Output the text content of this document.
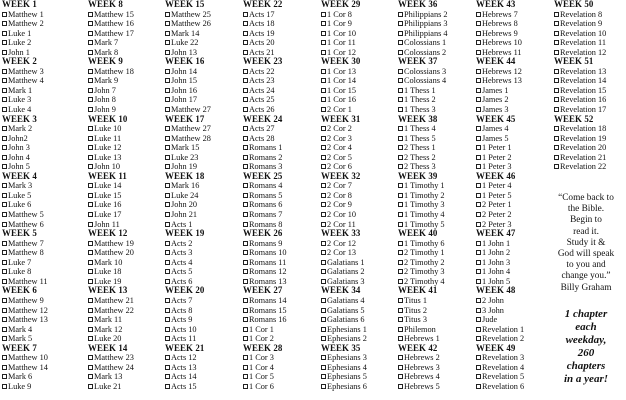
WEEK 1
Matthew 1
Matthew 2
Luke 1
Luke 2
John 1
WEEK 2
Matthew 3
Matthew 4
Mark 1
Luke 3
Luke 4
WEEK 3
Mark 2
John2
John 3
John 4
John 5
WEEK 4
Mark 3
Luke 5
Luke 6
Matthew 5
Matthew 6
WEEK 5
Matthew 7
Matthew 8
Luke 7
Luke 8
Matthew 11
WEEK 6
Matthew 9
Matthew 12
Matthew 13
Mark 4
Mark 5
WEEK 7
Matthew 10
Matthew 14
Mark 6
Luke 9
WEEK 8
Matthew 15
Matthew 16
Matthew 17
Mark 7
Mark 8
WEEK 9
Matthew 18
Mark 9
John 7
John 8
John 9
WEEK 10
Luke 10
Luke 11
Luke 12
Luke 13
John 10
WEEK 11
Luke 14
Luke 15
Luke 16
Luke 17
John 11
WEEK 12
Matthew 19
Matthew 20
Mark 10
Luke 18
Luke 19
WEEK 13
Matthew 21
Matthew 22
Mark 11
Mark 12
Luke 20
WEEK 14
Matthew 23
Matthew 24
Mark 13
Luke 21
WEEK 15
Matthew 25
Matthew 26
Mark 14
Luke 22
John 13
WEEK 16
John 14
John 15
John 16
John 17
Matthew 27
WEEK 17
Matthew 27
Matthew 28
Mark 15
Luke 23
John 19
WEEK 18
Mark 16
Luke 24
John 20
John 21
Acts 1
WEEK 19
Acts 2
Acts 3
Acts 4
Acts 5
Acts 6
WEEK 20
Acts 7
Acts 8
Acts 9
Acts 10
Acts 11
WEEK 21
Acts 12
Acts 13
Acts 14
Acts 15
WEEK 22
Acts 17
Acts 18
Acts 19
Acts 20
Acts 21
WEEK 23
Acts 22
Acts 23
Acts 24
Acts 25
Acts 26
WEEK 24
Acts 27
Acts 28
Romans 1
Romans 2
Romans 3
WEEK 25
Romans 4
Romans 5
Romans 6
Romans 7
Romans 8
WEEK 26
Romans 9
Romans 10
Romans 11
Romans 12
Romans 13
WEEK 27
Romans 14
Romans 15
Romans 16
1 Cor 1
1 Cor 2
WEEK 28
1 Cor 3
1 Cor 4
1 Cor 5
1 Cor 6
WEEK 29
1 Cor 8
1 Cor 9
1 Cor 10
1 Cor 11
1 Cor 12
WEEK 30
1 Cor 13
1 Cor 14
1 Cor 15
1 Cor 16
2 Cor 1
WEEK 31
2 Cor 2
2 Cor 3
2 Cor 4
2 Cor 5
2 Cor 6
WEEK 32
2 Cor 7
2 Cor 8
2 Cor 9
2 Cor 10
2 Cor 11
WEEK 33
2 Cor 12
2 Cor 13
Galatians 1
Galatians 2
Galatians 3
WEEK 34
Galatians 4
Galatians 5
Galatians 6
Ephesians 1
Ephesians 2
WEEK 35
Ephesians 3
Ephesians 4
Ephesians 5
Ephesians 6
WEEK 36
Philippians 2
Philippians 3
Philippians 4
Colossians 1
Colossians 2
WEEK 37
Colossians 3
Colossians 4
1 Thess 1
1 Thess 2
1 Thess 3
WEEK 38
1 Thess 4
1 Thess 5
2 Thess 1
2 Thess 2
2 Thess 3
WEEK 39
1 Timothy 1
1 Timothy 2
1 Timothy 3
1 Timothy 4
1 Timothy 5
WEEK 40
1 Timothy 6
2 Timothy 1
2 Timothy 2
2 Timothy 3
2 Timothy 4
WEEK 41
Titus 1
Titus 2
Titus 3
Philemon
Hebrews 1
WEEK 42
Hebrews 2
Hebrews 3
Hebrews 4
Hebrews 5
WEEK 43
Hebrews 7
Hebrews 8
Hebrews 9
Hebrews 10
Hebrews 11
WEEK 44
Hebrews 12
Hebrews 13
James 1
James 2
James 3
WEEK 45
James 4
James 5
1 Peter 1
1 Peter 2
1 Peter 3
WEEK 46
1 Peter 4
1 Peter 5
2 Peter 1
2 Peter 2
2 Peter 3
WEEK 47
1 John 1
1 John 2
1 John 3
1 John 4
1 John 5
WEEK 48
2 John
3 John
Jude
Revelation 1
Revelation 2
WEEK 49
Revelation 3
Revelation 4
Revelation 5
Revelation 6
WEEK 50
Revelation 8
Revelation 9
Revelation 10
Revelation 11
Revelation 12
WEEK 51
Revelation 13
Revelation 14
Revelation 15
Revelation 16
Revelation 17
WEEK 52
Revelation 18
Revelation 19
Revelation 20
Revelation 21
Revelation 22
“Come back to
the Bible.
Begin to
read it.
Study it &
God will speak
to you and
change you.”
Billy Graham
1 chapter
each
weekday,
260
chapters
in a year!
